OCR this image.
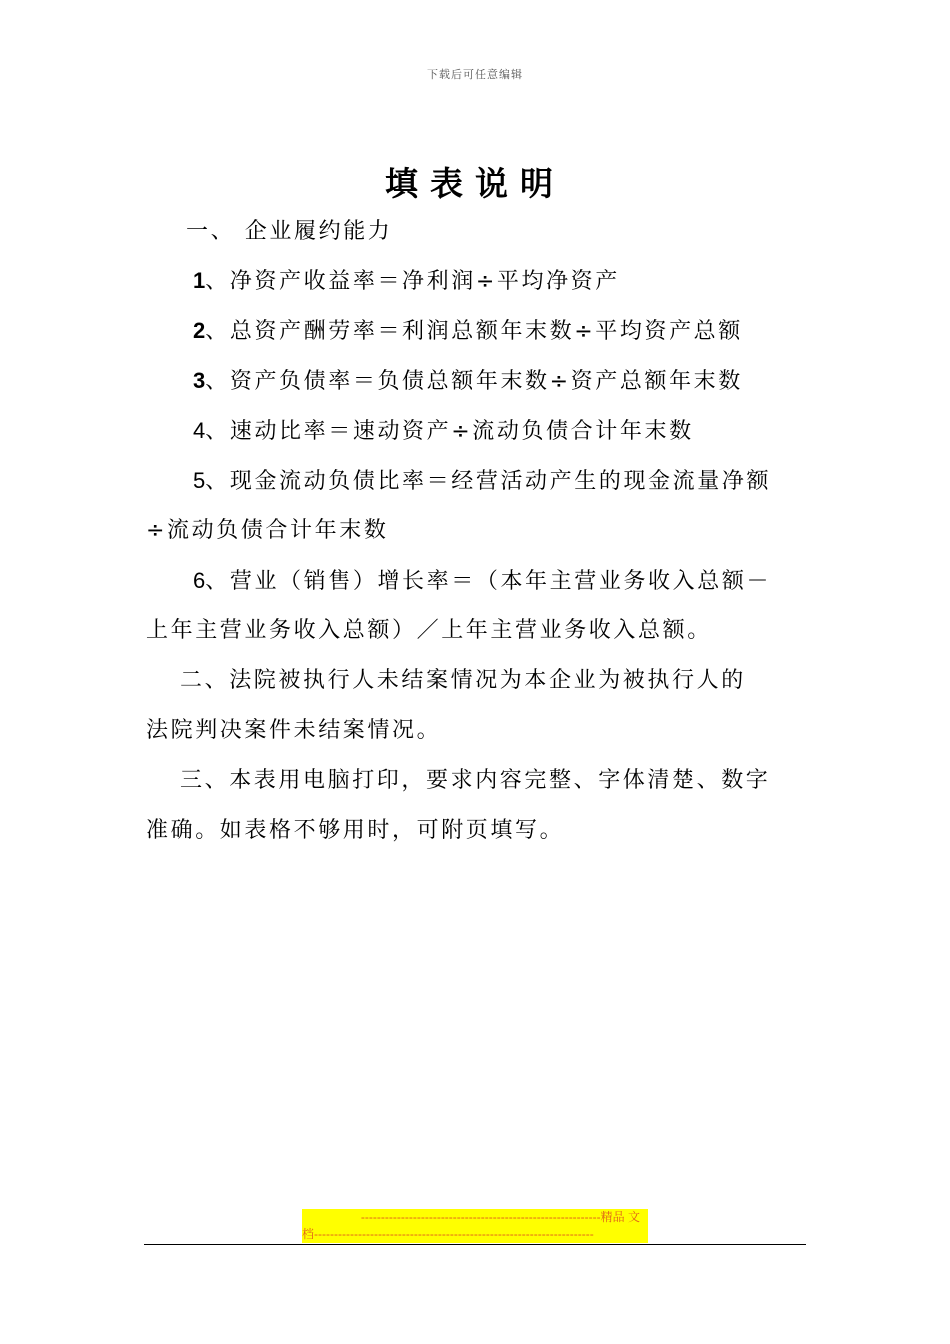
下载后可任意编辑
填表说明
一、 企业履约能力
1、净资产收益率＝净利润÷平均净资产
2、总资产酬劳率＝利润总额年末数÷平均资产总额
3、资产负债率＝负债总额年末数÷资产总额年末数
4、速动比率＝速动资产÷流动负债合计年末数
5、现金流动负债比率＝经营活动产生的现金流量净额
÷流动负债合计年末数
6、营业（销售）增长率＝（本年主营业务收入总额－
上年主营业务收入总额）／上年主营业务收入总额。
二、法院被执行人未结案情况为本企业为被执行人的
法院判决案件未结案情况。
三、本表用电脑打印，要求内容完整、字体清楚、数字
准确。如表格不够用时，可附页填写。
------------------------------------------------------------精品 文
档----------------------------------------------------------------------
